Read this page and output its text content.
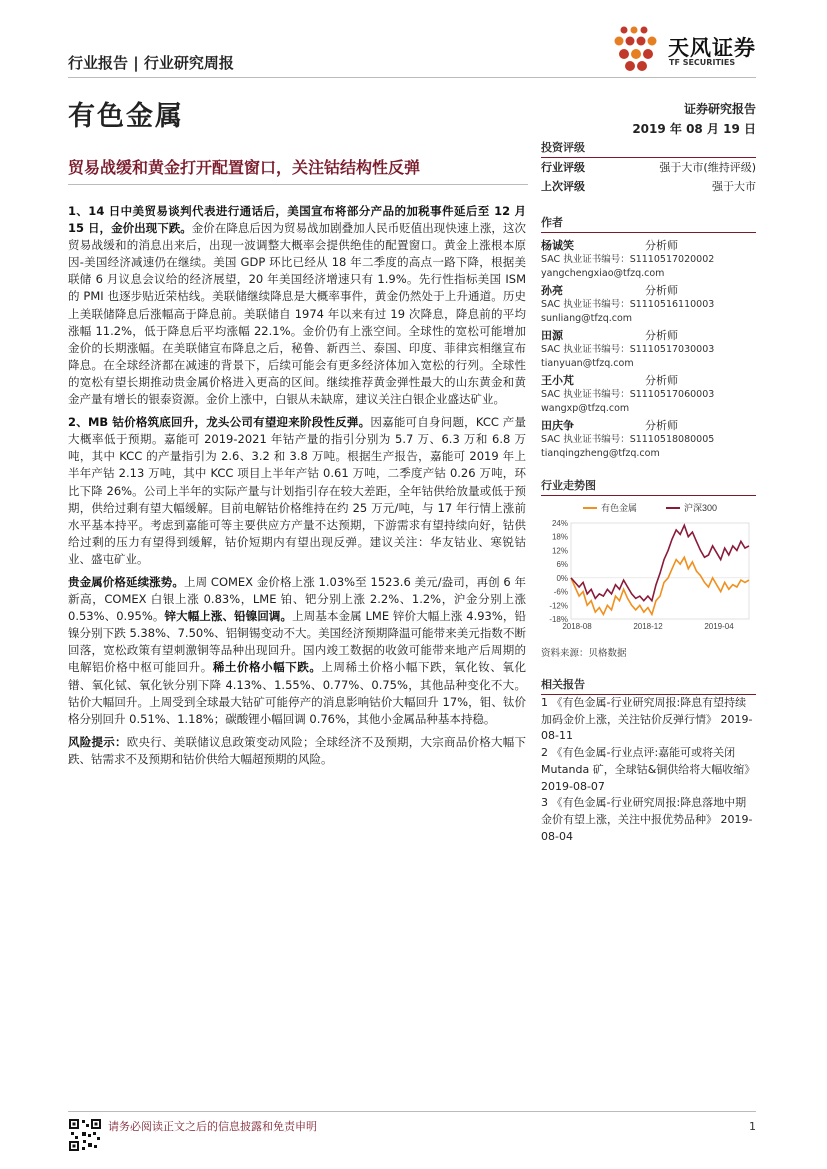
行业报告 | 行业研究周报
天风证券
TF SECURITIES
有色金属	证券研究报告
2019 年 08 月 19 日
贸易战缓和黄金打开配置窗口，关注钴结构性反弹

1、14 日中美贸易谈判代表进行通话后，美国宣布将部分产品的加税事件延后至 12 月 15 日，金价出现下跌。金价在降息后因为贸易战加剧叠加人民币贬值出现快速上涨，这次贸易战缓和的消息出来后，出现一波调整大概率会提供绝佳的配置窗口。黄金上涨根本原因-美国经济减速仍在继续。美国 GDP 环比已经从 18 年二季度的高点一路下降，根据美联储 6 月议息会议给的经济展望，20 年美国经济增速只有 1.9%。先行性指标美国 ISM 的 PMI 也逐步贴近荣枯线。美联储继续降息是大概率事件，黄金仍然处于上升通道。历史上美联储降息后涨幅高于降息前。美联储自 1974 年以来有过 19 次降息，降息前的平均涨幅 11.2%，低于降息后平均涨幅 22.1%。金价仍有上涨空间。全球性的宽松可能增加金价的长期涨幅。在美联储宣布降息之后，秘鲁、新西兰、泰国、印度、菲律宾相继宣布降息。在全球经济都在减速的背景下，后续可能会有更多经济体加入宽松的行列。全球性的宽松有望长期推动贵金属价格进入更高的区间。继续推荐黄金弹性最大的山东黄金和黄金产量有增长的银泰资源。金价上涨中，白银从未缺席，建议关注白银企业盛达矿业。

2、MB 钴价格筑底回升，龙头公司有望迎来阶段性反弹。因嘉能可自身问题，KCC 产量大概率低于预期。嘉能可 2019-2021 年钴产量的指引分别为 5.7 万、6.3 万和 6.8 万吨，其中 KCC 的产量指引为 2.6、3.2 和 3.8 万吨。根据生产报告，嘉能可 2019 年上半年产钴 2.13 万吨，其中 KCC 项目上半年产钴 0.61 万吨，二季度产钴 0.26 万吨，环比下降 26%。公司上半年的实际产量与计划指引存在较大差距，全年钴供给放量或低于预期，供给过剩有望大幅缓解。目前电解钴价格维持在约 25 万元/吨，与 17 年行情上涨前水平基本持平。考虑到嘉能可等主要供应方产量不达预期，下游需求有望持续向好，钴供给过剩的压力有望得到缓解，钴价短期内有望出现反弹。建议关注：华友钴业、寒锐钴业、盛屯矿业。

贵金属价格延续涨势。上周 COMEX 金价格上涨 1.03%至 1523.6 美元/盎司，再创 6 年新高，COMEX 白银上涨 0.83%，LME 铂、钯分别上涨 2.2%、1.2%，沪金分别上涨 0.53%、0.95%。锌大幅上涨、铅镍回调。上周基本金属 LME 锌价大幅上涨 4.93%，铅镍分别下跌 5.38%、7.50%、铝铜锡变动不大。美国经济预期降温可能带来美元指数不断回落，宽松政策有望刺激铜等品种出现回升。国内竣工数据的收敛可能带来地产后周期的电解铝价格中枢可能回升。稀土价格小幅下跌。上周稀土价格小幅下跌，氧化钕、氧化镨、氧化铽、氧化钬分别下降 4.13%、1.55%、0.77%、0.75%，其他品种变化不大。钴价大幅回升。上周受到全球最大钴矿可能停产的消息影响钴价大幅回升 17%，钼、钛价格分别回升 0.51%、1.18%；碳酸锂小幅回调 0.76%，其他小金属品种基本持稳。

风险提示：欧央行、美联储议息政策变动风险；全球经济不及预期，大宗商品价格大幅下跌、钴需求不及预期和钴价供给大幅超预期的风险。

投资评级
行业评级	强于大市(维持评级)
上次评级	强于大市
作者
杨诚笑	分析师
SAC 执业证书编号：S1110517020002
yangchengxiao@tfzq.com
孙亮	分析师
SAC 执业证书编号：S1110516110003
sunliang@tfzq.com
田源	分析师
SAC 执业证书编号：S1110517030003
tianyuan@tfzq.com
王小芃	分析师
SAC 执业证书编号：S1110517060003
wangxp@tfzq.com
田庆争	分析师
SAC 执业证书编号：S1110518080005
tianqingzheng@tfzq.com
行业走势图
24%
18%
12%
6%
0%
-6%
-12%
-18%
2018-08	2018-12	2019-04
有色金属	沪深300
资料来源：贝格数据
相关报告

1 《有色金属-行业研究周报:降息有望持续加码金价上涨，关注钴价反弹行情》 2019-08-11

2 《有色金属-行业点评:嘉能可或将关闭 Mutanda 矿，全球钴&铜供给将大幅收缩》 2019-08-07

3 《有色金属-行业研究周报:降息落地中期金价有望上涨，关注中报优势品种》 2019-08-04

请务必阅读正文之后的信息披露和免责申明	1
